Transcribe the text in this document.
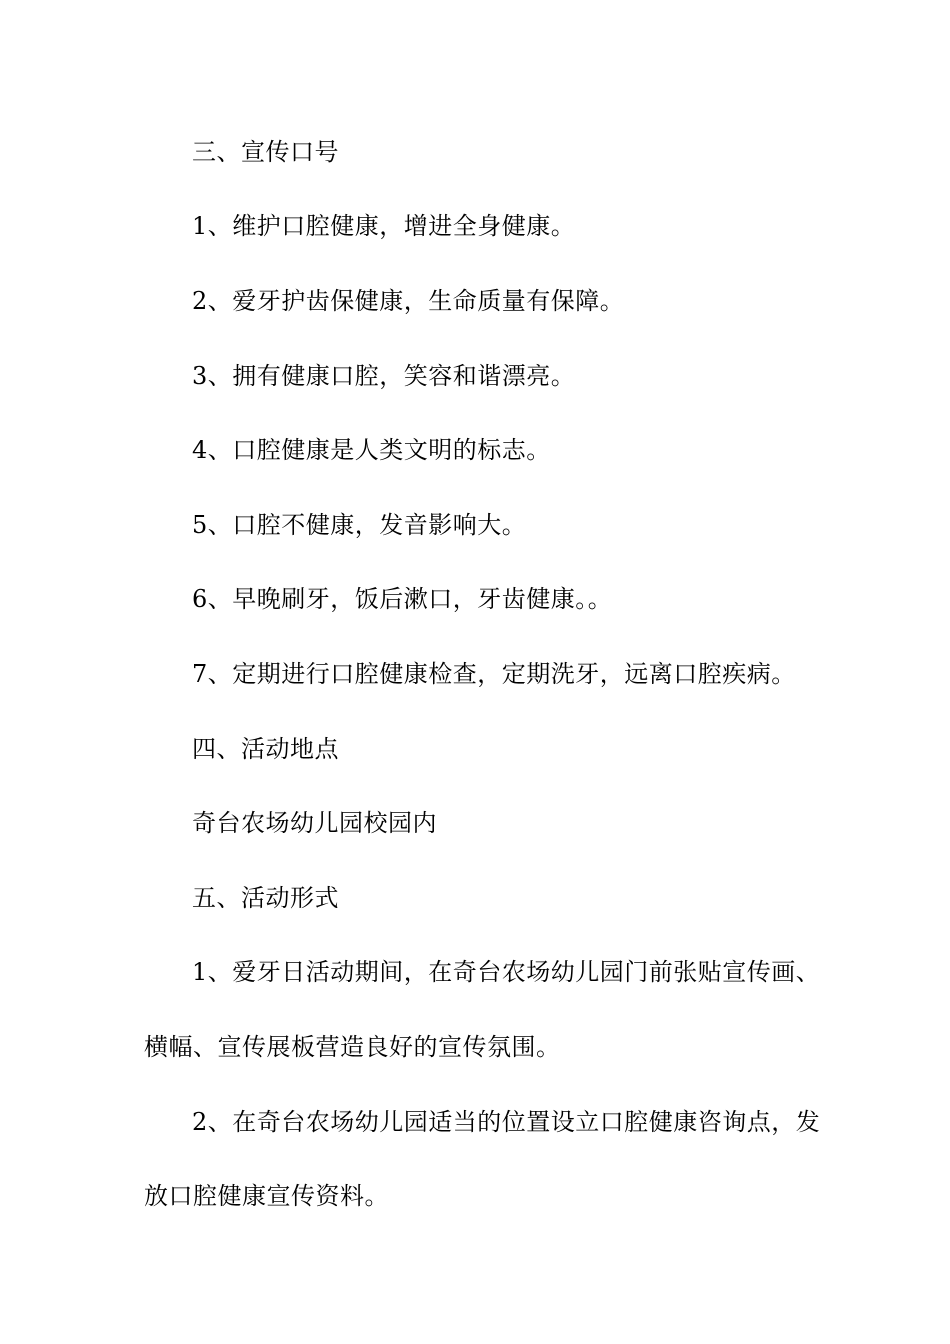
三、宣传口号
1、维护口腔健康，增进全身健康。
2、爱牙护齿保健康，生命质量有保障。
3、拥有健康口腔，笑容和谐漂亮。
4、口腔健康是人类文明的标志。
5、口腔不健康，发音影响大。
6、早晚刷牙，饭后漱口，牙齿健康。。
7、定期进行口腔健康检查，定期洗牙，远离口腔疾病。
四、活动地点
奇台农场幼儿园校园内
五、活动形式
1、爱牙日活动期间，在奇台农场幼儿园门前张贴宣传画、
横幅、宣传展板营造良好的宣传氛围。
2、在奇台农场幼儿园适当的位置设立口腔健康咨询点，发
放口腔健康宣传资料。
